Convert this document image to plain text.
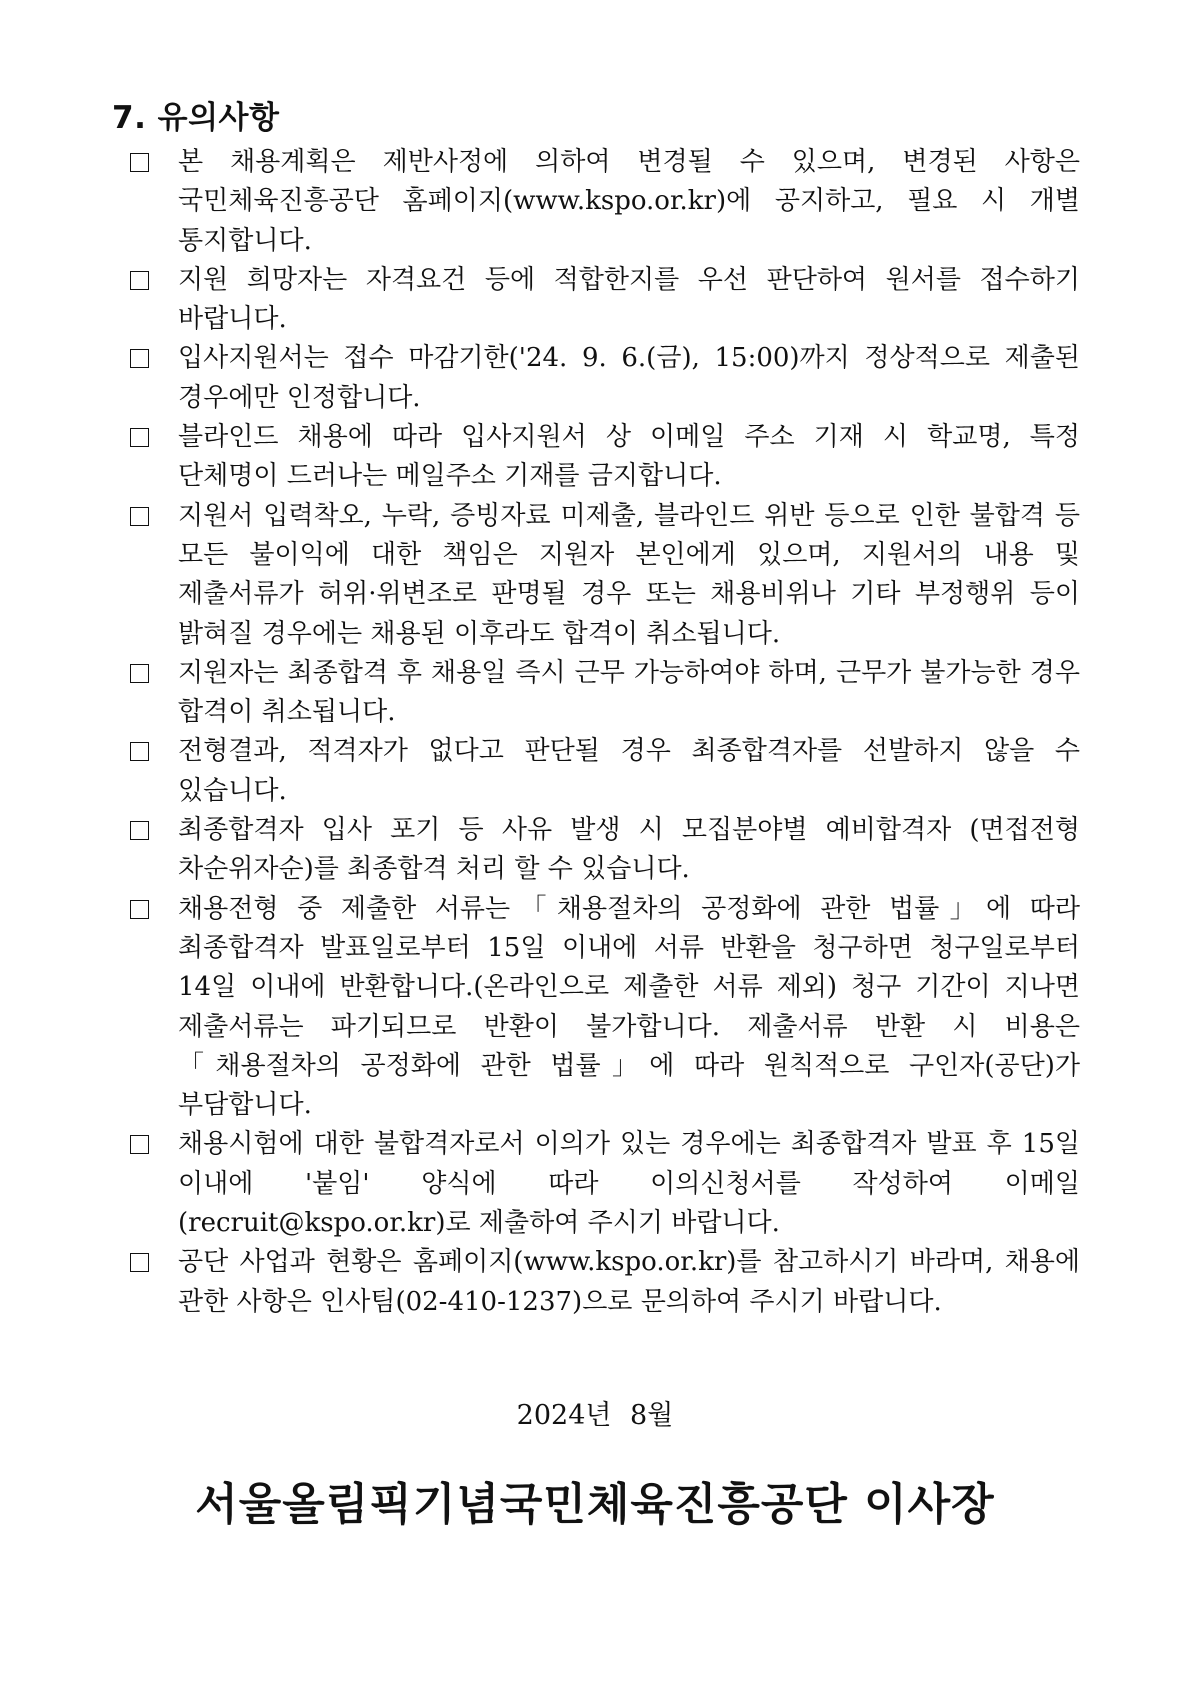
7. 유의사항
본 채용계획은 제반사정에 의하여 변경될 수 있으며, 변경된 사항은 국민체육진흥공단 홈페이지(www.kspo.or.kr)에 공지하고, 필요 시 개별 통지합니다.
지원 희망자는 자격요건 등에 적합한지를 우선 판단하여 원서를 접수하기 바랍니다.
입사지원서는 접수 마감기한('24. 9. 6.(금), 15:00)까지 정상적으로 제출된 경우에만 인정합니다.
블라인드 채용에 따라 입사지원서 상 이메일 주소 기재 시 학교명, 특정 단체명이 드러나는 메일주소 기재를 금지합니다.
지원서 입력착오, 누락, 증빙자료 미제출, 블라인드 위반 등으로 인한 불합격 등 모든 불이익에 대한 책임은 지원자 본인에게 있으며, 지원서의 내용 및 제출서류가 허위·위변조로 판명될 경우 또는 채용비위나 기타 부정행위 등이 밝혀질 경우에는 채용된 이후라도 합격이 취소됩니다.
지원자는 최종합격 후 채용일 즉시 근무 가능하여야 하며, 근무가 불가능한 경우 합격이 취소됩니다.
전형결과, 적격자가 없다고 판단될 경우 최종합격자를 선발하지 않을 수 있습니다.
최종합격자 입사 포기 등 사유 발생 시 모집분야별 예비합격자 (면접전형 차순위자순)를 최종합격 처리 할 수 있습니다.
채용전형 중 제출한 서류는「채용절차의 공정화에 관한 법률」에 따라 최종합격자 발표일로부터 15일 이내에 서류 반환을 청구하면 청구일로부터 14일 이내에 반환합니다.(온라인으로 제출한 서류 제외) 청구 기간이 지나면 제출서류는 파기되므로 반환이 불가합니다. 제출서류 반환 시 비용은「채용절차의 공정화에 관한 법률」에 따라 원칙적으로 구인자(공단)가 부담합니다.
채용시험에 대한 불합격자로서 이의가 있는 경우에는 최종합격자 발표 후 15일 이내에 '붙임' 양식에 따라 이의신청서를 작성하여 이메일(recruit@kspo.or.kr)로 제출하여 주시기 바랍니다.
공단 사업과 현황은 홈페이지(www.kspo.or.kr)를 참고하시기 바라며, 채용에 관한 사항은 인사팀(02-410-1237)으로 문의하여 주시기 바랍니다.
2024년 8월
서울올림픽기념국민체육진흥공단 이사장
